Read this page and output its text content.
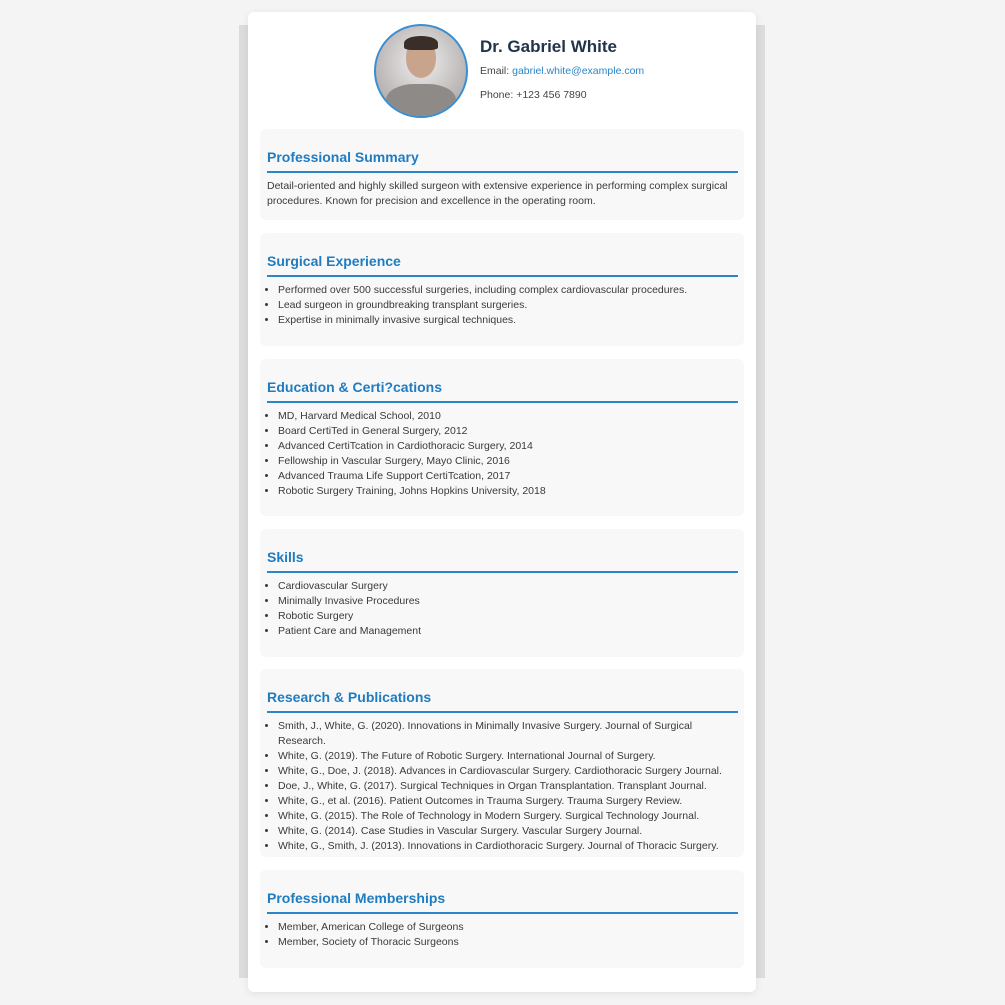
Dr. Gabriel White
Email: gabriel.white@example.com
Phone: +123 456 7890
Professional Summary

Detail-oriented and highly skilled surgeon with extensive experience in performing complex surgical procedures. Known for precision and excellence in the operating room.

Surgical Experience
• Performed over 500 successful surgeries, including complex cardiovascular procedures.
• Lead surgeon in groundbreaking transplant surgeries.
• Expertise in minimally invasive surgical techniques.
Education & Certi?cations
• MD, Harvard Medical School, 2010
• Board CertiTed in General Surgery, 2012
• Advanced CertiTcation in Cardiothoracic Surgery, 2014
• Fellowship in Vascular Surgery, Mayo Clinic, 2016
• Advanced Trauma Life Support CertiTcation, 2017
• Robotic Surgery Training, Johns Hopkins University, 2018
Skills
• Cardiovascular Surgery
• Minimally Invasive Procedures
• Robotic Surgery
• Patient Care and Management
Research & Publications
• Smith, J., White, G. (2020). Innovations in Minimally Invasive Surgery. Journal of Surgical Research.
• White, G. (2019). The Future of Robotic Surgery. International Journal of Surgery.
• White, G., Doe, J. (2018). Advances in Cardiovascular Surgery. Cardiothoracic Surgery Journal.
• Doe, J., White, G. (2017). Surgical Techniques in Organ Transplantation. Transplant Journal.
• White, G., et al. (2016). Patient Outcomes in Trauma Surgery. Trauma Surgery Review.
• White, G. (2015). The Role of Technology in Modern Surgery. Surgical Technology Journal.
• White, G. (2014). Case Studies in Vascular Surgery. Vascular Surgery Journal.
• White, G., Smith, J. (2013). Innovations in Cardiothoracic Surgery. Journal of Thoracic Surgery.
Professional Memberships
• Member, American College of Surgeons
• Member, Society of Thoracic Surgeons
